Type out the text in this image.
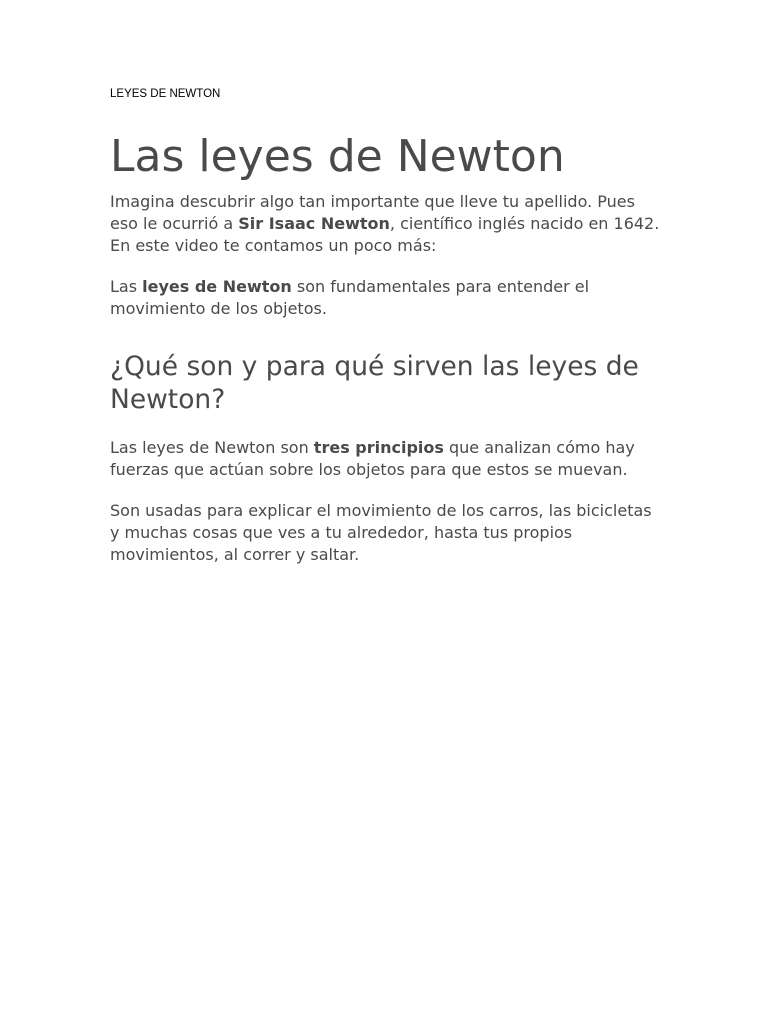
LEYES DE NEWTON

Las leyes de Newton

Imagina descubrir algo tan importante que lleve tu apellido. Pues eso le ocurrió a Sir Isaac Newton, científico inglés nacido en 1642. En este video te contamos un poco más:

Las leyes de Newton son fundamentales para entender el movimiento de los objetos.

¿Qué son y para qué sirven las leyes de Newton?

Las leyes de Newton son tres principios que analizan cómo hay fuerzas que actúan sobre los objetos para que estos se muevan.

Son usadas para explicar el movimiento de los carros, las bicicletas y muchas cosas que ves a tu alrededor, hasta tus propios movimientos, al correr y saltar.
